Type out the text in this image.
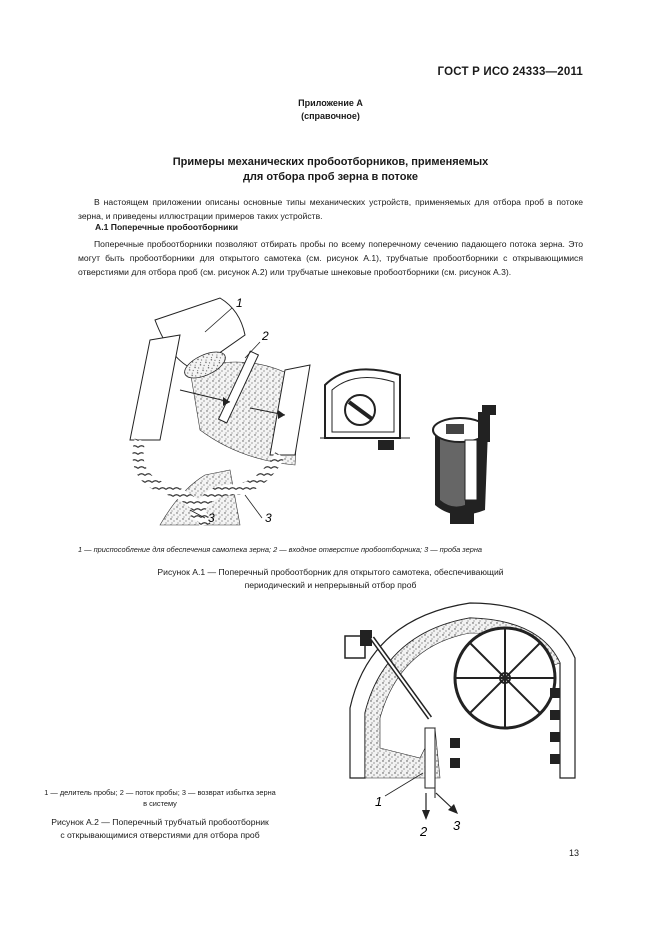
ГОСТ Р ИСО 24333—2011
Приложение А
(справочное)
Примеры механических пробоотборников, применяемых
для отбора проб зерна в потоке
В настоящем приложении описаны основные типы механических устройств, применяемых для отбора проб в потоке зерна, и приведены иллюстрации примеров таких устройств.
А.1 Поперечные пробоотборники
Поперечные пробоотборники позволяют отбирать пробы по всему поперечному сечению падающего потока зерна. Это могут быть пробоотборники для открытого самотека (см. рисунок А.1), трубчатые пробоотборники с открывающимися отверстиями для отбора проб (см. рисунок А.2) или трубчатые шнековые пробоотборники (см. рисунок А.3).
1
2
3	3
1 — приспособление для обеспечения самотека зерна; 2 — входное отверстие пробоотборника; 3 — проба зерна
Рисунок А.1 — Поперечный пробоотборник для открытого самотека, обеспечивающий
периодический и непрерывный отбор проб
1
2 3
1 — делитель пробы; 2 — поток пробы; 3 — возврат избытка зерна
в систему
Рисунок А.2 — Поперечный трубчатый пробоотборник
с открывающимися отверстиями для отбора проб
13
